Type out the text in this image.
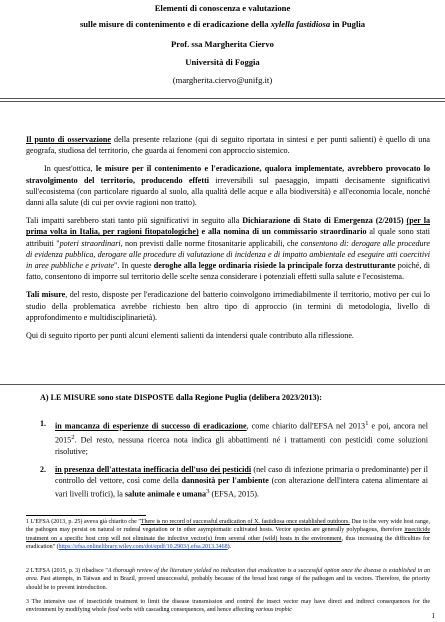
Elementi di conoscenza e valutazione
sulle misure di contenimento e di eradicazione della xylella fastidiosa in Puglia
Prof. ssa Margherita Ciervo
Università di Foggia
(margherita.ciervo@unifg.it)

Il punto di osservazione della presente relazione (qui di seguito riportata in sintesi e per punti salienti) è quello di una geografa, studiosa del territorio, che guarda ai fenomeni con approccio sistemico.

In quest'ottica, le misure per il contenimento e l'eradicazione, qualora implementate, avrebbero provocato lo stravolgimento del territorio, producendo effetti irreversibili sul paesaggio, impatti decisamente significativi sull'ecosistema (con particolare riguardo al suolo, alla qualità delle acque e alla biodiversità) e all'economia locale, nonché danni alla salute (di cui per ovvie ragioni non tratto).

Tali impatti sarebbero stati tanto più significativi in seguito alla Dichiarazione di Stato di Emergenza (2/2015) (per la prima volta in Italia, per ragioni fitopatologiche) e alla nomina di un commissario straordinario al quale sono stati attribuiti "poteri straordinari, non previsti dalle norme fitosanitarie applicabili, che consentono di: derogare alle procedure di evidenza pubblica, derogare alle procedure di valutazione di incidenza e di impatto ambientale ed eseguire atti coercitivi in aree pubbliche e private". In queste deroghe alla legge ordinaria risiede la principale forza destrutturante poiché, di fatto, consentono di imporre sul territorio delle scelte senza considerare i potenziali effetti sulla salute e l'ecosistema.

Tali misure, del resto, disposte per l'eradicazione del batterio coinvolgono irrimediabilmente il territorio, motivo per cui lo studio della problematica avrebbe richiesto ben altro tipo di approccio (in termini di metodologia, livello di approfondimento e multidisciplinarietà).

Qui di seguito riporto per punti alcuni elementi salienti da intendersi quale contributo alla riflessione.

A) LE MISURE sono state DISPOSTE dalla Regione Puglia (delibera 2023/2013):
1. in mancanza di esperienze di successo di eradicazione, come chiarito dall'EFSA nel 2013$^1$ e poi, ancora nel 2015$^2$. Del resto, nessuna ricerca nota indica gli abbattimenti né i trattamenti con pesticidi come soluzioni risolutive;
2. in presenza dell'attestata inefficacia dell'uso dei pesticidi (nel caso di infezione primaria o predominante) per il controllo del vettore, così come della dannosità per l'ambiente (con alterazione dell'intera catena alimentare ai vari livelli trofici), la salute animale e umana$^3$ (EFSA, 2015).
1 L'EFSA (2013, p. 25) aveva già chiarito che "There is no record of successful eradication of X. fastidiosa once established outdoors. Due to the very wide host range, the pathogen may persist on natural or ruderal vegetation or in other asymptomatic cultivated hosts. Vector species are generally polyphagous, therefore insecticide treatment on a specific host crop will not eliminate the infective vector(s) from several other (wild) hosts in the environment, thus increasing the difficulties for eradication" (https://efsa.onlinelibrary.wiley.com/doi/epdf/10.2903/j.efsa.2013.3468).
2 L'EFSA (2015, p. 3) ribadisce "A thorough review of the literature yielded no indication that eradication is a successful option once the disease is established in an area. Past attempts, in Taiwan and in Brazil, proved unsuccessful, probably because of the broad host range of the pathogen and its vectors. Therefore, the priority should be to prevent introduction.
3 The intensive use of insecticide treatment to limit the disease transmission and control the insect vector may have direct and indirect consequences for the environment by modifying whole food webs with cascading consequences, and hence affecting various trophic
1
